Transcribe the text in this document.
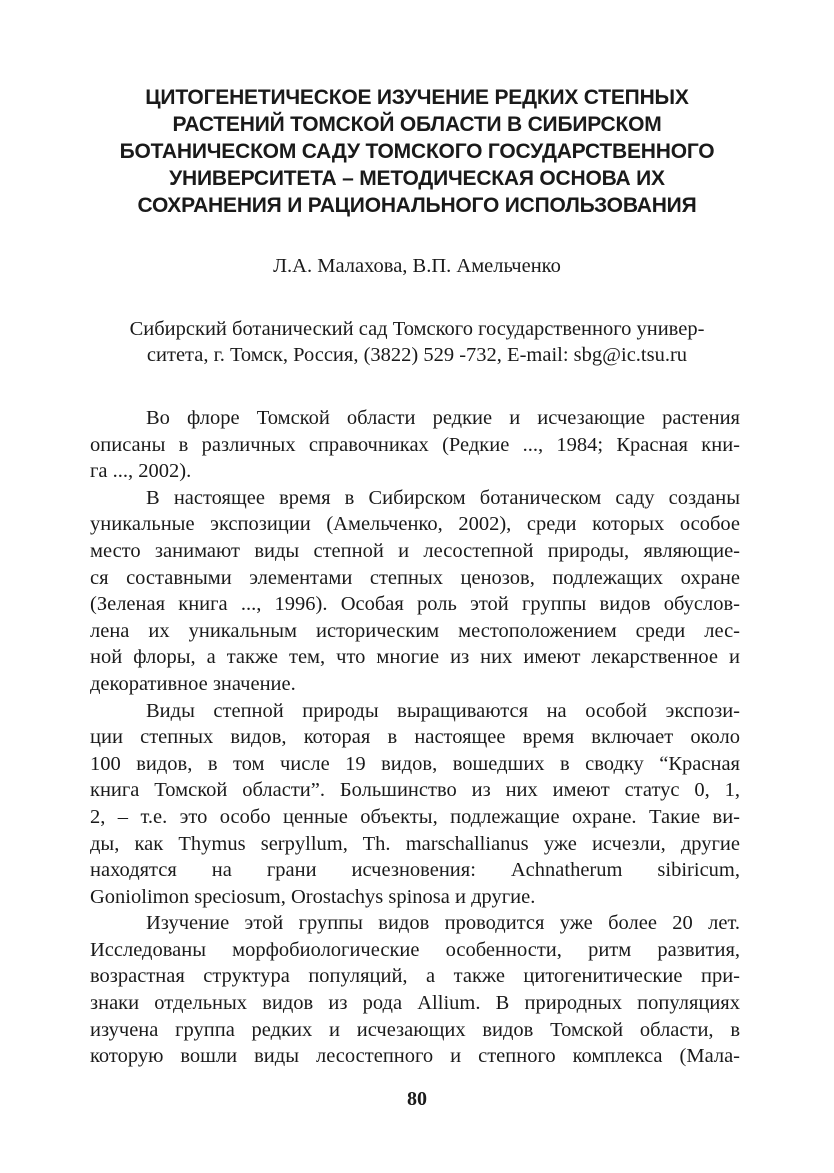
ЦИТОГЕНЕТИЧЕСКОЕ ИЗУЧЕНИЕ РЕДКИХ СТЕПНЫХ
РАСТЕНИЙ ТОМСКОЙ ОБЛАСТИ В СИБИРСКОМ
БОТАНИЧЕСКОМ САДУ ТОМСКОГО ГОСУДАРСТВЕННОГО
УНИВЕРСИТЕТА – МЕТОДИЧЕСКАЯ ОСНОВА ИХ
СОХРАНЕНИЯ И РАЦИОНАЛЬНОГО ИСПОЛЬЗОВАНИЯ

Л.А. Малахова, В.П. Амельченко

Сибирский ботанический сад Томского государственного универ-
ситета, г. Томск, Россия, (3822) 529 -732, E-mail: sbg@ic.tsu.ru

Во флоре Томской области редкие и исчезающие растения
описаны в различных справочниках (Редкие ..., 1984; Красная кни-
га ..., 2002).

В настоящее время в Сибирском ботаническом саду созданы
уникальные экспозиции (Амельченко, 2002), среди которых особое
место занимают виды степной и лесостепной природы, являющие-
ся составными элементами степных ценозов, подлежащих охране
(Зеленая книга ..., 1996). Особая роль этой группы видов обуслов-
лена их уникальным историческим местоположением среди лес-
ной флоры, а также тем, что многие из них имеют лекарственное и
декоративное значение.

Виды степной природы выращиваются на особой экспози-
ции степных видов, которая в настоящее время включает около
100 видов, в том числе 19 видов, вошедших в сводку “Красная
книга Томской области”. Большинство из них имеют статус 0, 1,
2, – т.е. это особо ценные объекты, подлежащие охране. Такие ви-
ды, как Thymus serpyllum, Th. marschallianus уже исчезли, другие
находятся на грани исчезновения: Achnatherum sibiricum,
Goniolimon speciosum, Orostachys spinosa и другие.

Изучение этой группы видов проводится уже более 20 лет.
Исследованы морфобиологические особенности, ритм развития,
возрастная структура популяций, а также цитогенитические при-
знаки отдельных видов из рода Allium. В природных популяциях
изучена группа редких и исчезающих видов Томской области, в
которую вошли виды лесостепного и степного комплекса (Мала-

80
